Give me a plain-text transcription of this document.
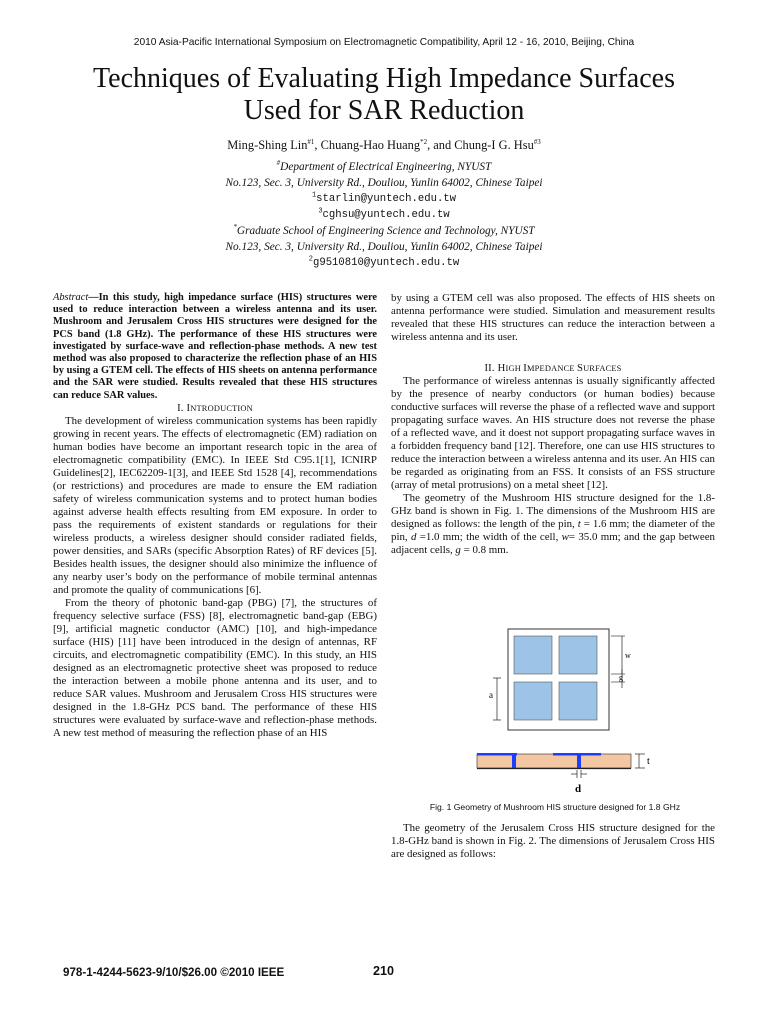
2010 Asia-Pacific International Symposium on Electromagnetic Compatibility, April 12 - 16, 2010, Beijing, China
Techniques of Evaluating High Impedance Surfaces
Used for SAR Reduction
Ming-Shing Lin$^{\#1}$, Chuang-Hao Huang$^{*2}$, and Chung-I G. Hsu$^{\#3}$
#Department of Electrical Engineering, NYUST
No.123, Sec. 3, University Rd., Douliou, Yunlin 64002, Chinese Taipei
$^1$starlin@yuntech.edu.tw
$^3$cghsu@yuntech.edu.tw
*Graduate School of Engineering Science and Technology, NYUST
No.123, Sec. 3, University Rd., Douliou, Yunlin 64002, Chinese Taipei
$^2$g9510810@yuntech.edu.tw

Abstract—In this study, high impedance surface (HIS) structures were used to reduce interaction between a wireless antenna and its user. Mushroom and Jerusalem Cross HIS structures were designed for the PCS band (1.8 GHz). The performance of these HIS structures were investigated by surface-wave and reflection-phase methods. A new test method was also proposed to characterize the reflection phase of an HIS by using a GTEM cell. The effects of HIS sheets on antenna performance and the SAR were studied. Results revealed that these HIS structures can reduce SAR values.

I. INTRODUCTION

The development of wireless communication systems has been rapidly growing in recent years. The effects of electromagnetic (EM) radiation on human bodies have become an important research topic in the area of electromagnetic compatibility (EMC). In IEEE Std C95.1[1], ICNIRP Guidelines[2], IEC62209-1[3], and IEEE Std 1528 [4], recommendations (or restrictions) and procedures are made to ensure the EM radiation safety of wireless communication systems and to protect human bodies against adverse health effects resulting from EM exposure. In order to pass the requirements of existent standards or regulations for their wireless products, a wireless designer should consider radiated fields, power densities, and SARs (specific Absorption Rates) of RF devices [5]. Besides health issues, the designer should also minimize the influence of any nearby user’s body on the performance of mobile terminal antennas and promote the quality of communications [6].

From the theory of photonic band-gap (PBG) [7], the structures of frequency selective surface (FSS) [8], electromagnetic band-gap (EBG) [9], artificial magnetic conductor (AMC) [10], and high-impedance surface (HIS) [11] have been introduced in the design of antennas, RF circuits, and electromagnetic compatibility (EMC). In this study, an HIS designed as an electromagnetic protective sheet was proposed to reduce the interaction between a mobile phone antenna and its user, and to reduce SAR values. Mushroom and Jerusalem Cross HIS structures were designed in the 1.8-GHz PCS band. The performance of these HIS structures were evaluated by surface-wave and reflection-phase methods. A new test method of measuring the reflection phase of an HIS

by using a GTEM cell was also proposed. The effects of HIS sheets on antenna performance were studied. Simulation and measurement results revealed that these HIS structures can reduce the interaction between a wireless antenna and its user.

II. HIGH IMPEDANCE SURFACES

The performance of wireless antennas is usually significantly affected by the presence of nearby conductors (or human bodies) because conductive surfaces will reverse the phase of a reflected wave and support propagating surface waves. An HIS structure does not reverse the phase of a reflected wave, and it doest not support propagating surface waves in a forbidden frequency band [12]. Therefore, one can use HIS structures to reduce the interaction between a wireless antenna and its user. An HIS can be regarded as originating from an FSS. It consists of an FSS structure (array of metal protrusions) on a metal sheet [12].

The geometry of the Mushroom HIS structure designed for the 1.8-GHz band is shown in Fig. 1. The dimensions of the Mushroom HIS are designed as follows: the length of the pin, t = 1.6 mm; the diameter of the pin, d =1.0 mm; the width of the cell, w= 35.0 mm; and the gap between adjacent cells, g = 0.8 mm.

a
w
g
t
d
Fig. 1 Geometry of Mushroom HIS structure designed for 1.8 GHz

The geometry of the Jerusalem Cross HIS structure designed for the 1.8-GHz band is shown in Fig. 2. The dimensions of Jerusalem Cross HIS are designed as follows:

978-1-4244-5623-9/10/$26.00 ©2010 IEEE	210
